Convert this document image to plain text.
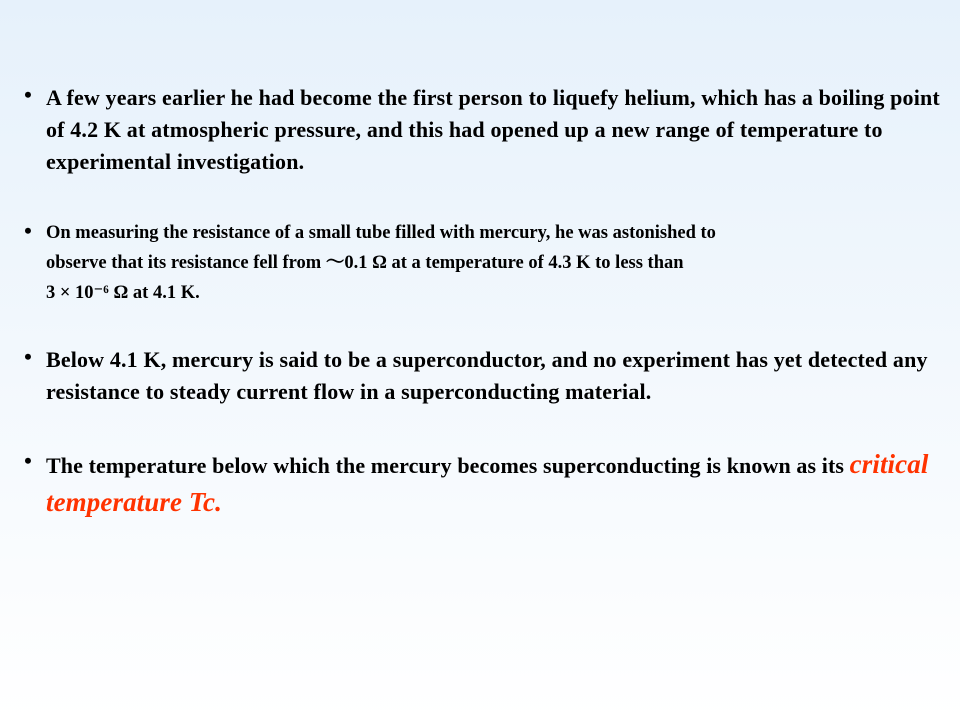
• A few years earlier he had become the first person to liquefy helium, which has a boiling point of 4.2 K at atmospheric pressure, and this had opened up a new range of temperature to experimental investigation.
• On measuring the resistance of a small tube filled with mercury, he was astonished to
observe that its resistance fell from ～0.1 Ω at a temperature of 4.3 K to less than
3 × 10⁻⁶ Ω at 4.1 K.
• Below 4.1 K, mercury is said to be a superconductor, and no experiment has yet detected any resistance to steady current flow in a superconducting material.
• The temperature below which the mercury becomes superconducting is known as its critical temperature Tc.
